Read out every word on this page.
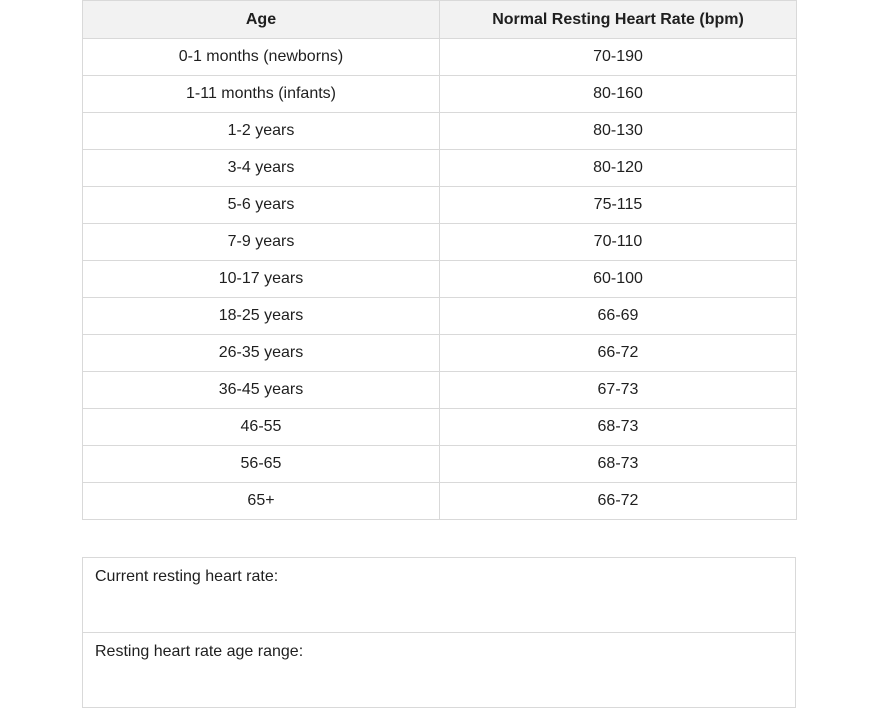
Age	Normal Resting Heart Rate (bpm)
0-1 months (newborns)	70-190
1-11 months (infants)	80-160
1-2 years	80-130
3-4 years	80-120
5-6 years	75-115
7-9 years	70-110
10-17 years	60-100
18-25 years	66-69
26-35 years	66-72
36-45 years	67-73
46-55	68-73
56-65	68-73
65+	66-72
Current resting heart rate:
Resting heart rate age range:
